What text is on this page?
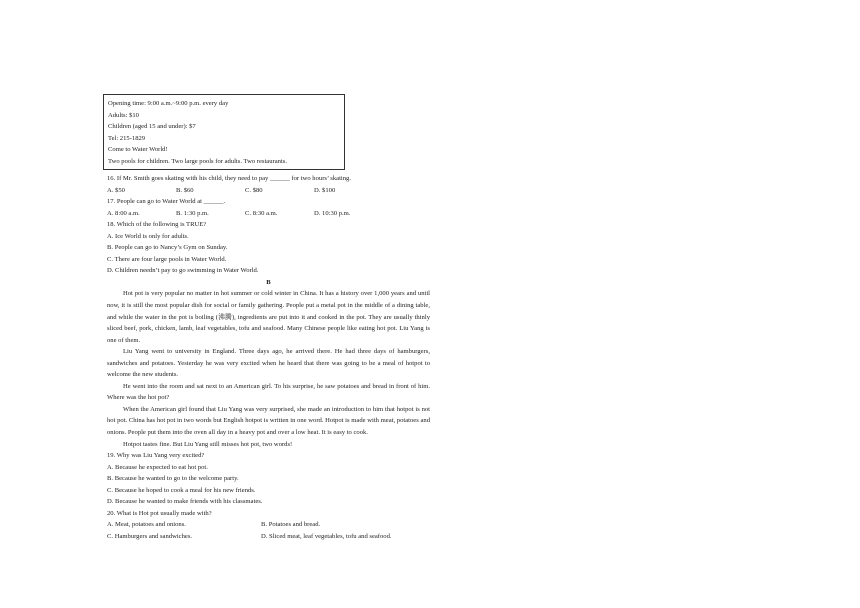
Opening time: 9:00 a.m.~9:00 p.m. every day
Adults: $10
Children (aged 15 and under): $7
Tel: 215-1829
Come to Water World!
Two pools for children. Two large pools for adults. Two restaurants.
16. If Mr. Smith goes skating with his child, they need to pay ______ for two hours’ skating.
A. $50	B. $60	C. $80	D. $100
17. People can go to Water World at ______.
A. 8:00 a.m.	B. 1:30 p.m.	C. 8:30 a.m.	D. 10:30 p.m.
18. Which of the following is TRUE?
A. Ice World is only for adults.
B. People can go to Nancy’s Gym on Sunday.
C. There are four large pools in Water World.
D. Children needn’t pay to go swimming in Water World.
B

Hot pot is very popular no matter in hot summer or cold winter in China. It has a history over 1,000 years and until now, it is still the most popular dish for social or family gathering. People put a metal pot in the middle of a dining table, and while the water in the pot is boiling (沸腾), ingredients are put into it and cooked in the pot. They are usually thinly sliced beef, pork, chicken, lamb, leaf vegetables, tofu and seafood. Many Chinese people like eating hot pot. Liu Yang is one of them.

Liu Yang went to university in England. Three days ago, he arrived there. He had three days of hamburgers, sandwiches and potatoes. Yesterday he was very excited when he heard that there was going to be a meal of hotpot to welcome the new students.

He went into the room and sat next to an American girl. To his surprise, he saw potatoes and bread in front of him. Where was the hot pot?

When the American girl found that Liu Yang was very surprised, she made an introduction to him that hotpot is not hot pot. China has hot pot in two words but English hotpot is written in one word. Hotpot is made with meat, potatoes and onions. People put them into the oven all day in a heavy pot and over a low heat. It is easy to cook.

Hotpot tastes fine. But Liu Yang still misses hot pot, two words!

19. Why was Liu Yang very excited?
A. Because he expected to eat hot pot.
B. Because he wanted to go to the welcome party.
C. Because he hoped to cook a meal for his new friends.
D. Because he wanted to make friends with his classmates.
20. What is Hot pot usually made with?
A. Meat, potatoes and onions.	B. Potatoes and bread.
C. Hamburgers and sandwiches.	D. Sliced meat, leaf vegetables, tofu and seafood.
